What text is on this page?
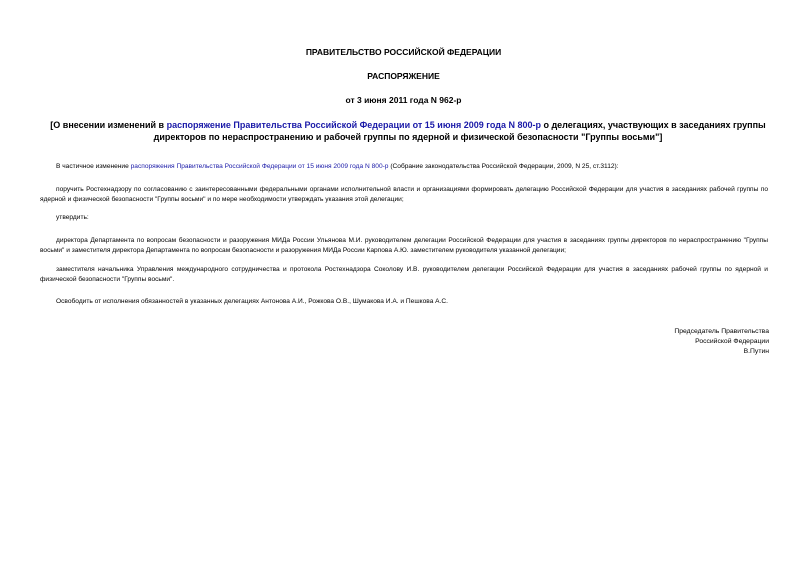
ПРАВИТЕЛЬСТВО РОССИЙСКОЙ ФЕДЕРАЦИИ
РАСПОРЯЖЕНИЕ
от 3 июня 2011 года N 962-р
[О внесении изменений в распоряжение Правительства Российской Федерации от 15 июня 2009 года N 800-р о делегациях, участвующих в заседаниях группы директоров по нераспространению и рабочей группы по ядерной и физической безопасности "Группы восьми"]
В частичное изменение распоряжения Правительства Российской Федерации от 15 июня 2009 года N 800-р (Собрание законодательства Российской Федерации, 2009, N 25, ст.3112):
поручить Ростехнадзору по согласованию с заинтересованными федеральными органами исполнительной власти и организациями формировать делегацию Российской Федерации для участия в заседаниях рабочей группы по ядерной и физической безопасности "Группы восьми" и по мере необходимости утверждать указания этой делегации;
утвердить:
директора Департамента по вопросам безопасности и разоружения МИДа России Ульянова М.И. руководителем делегации Российской Федерации для участия в заседаниях группы директоров по нераспространению "Группы восьми" и заместителя директора Департамента по вопросам безопасности и разоружения МИДа России Карпова А.Ю. заместителем руководителя указанной делегации;
заместителя начальника Управления международного сотрудничества и протокола Ростехнадзора Соколову И.В. руководителем делегации Российской Федерации для участия в заседаниях рабочей группы по ядерной и физической безопасности "Группы восьми".
Освободить от исполнения обязанностей в указанных делегациях Антонова А.И., Рожкова О.В., Шумакова И.А. и Пешкова А.С.
Председатель Правительства
Российской Федерации
В.Путин
